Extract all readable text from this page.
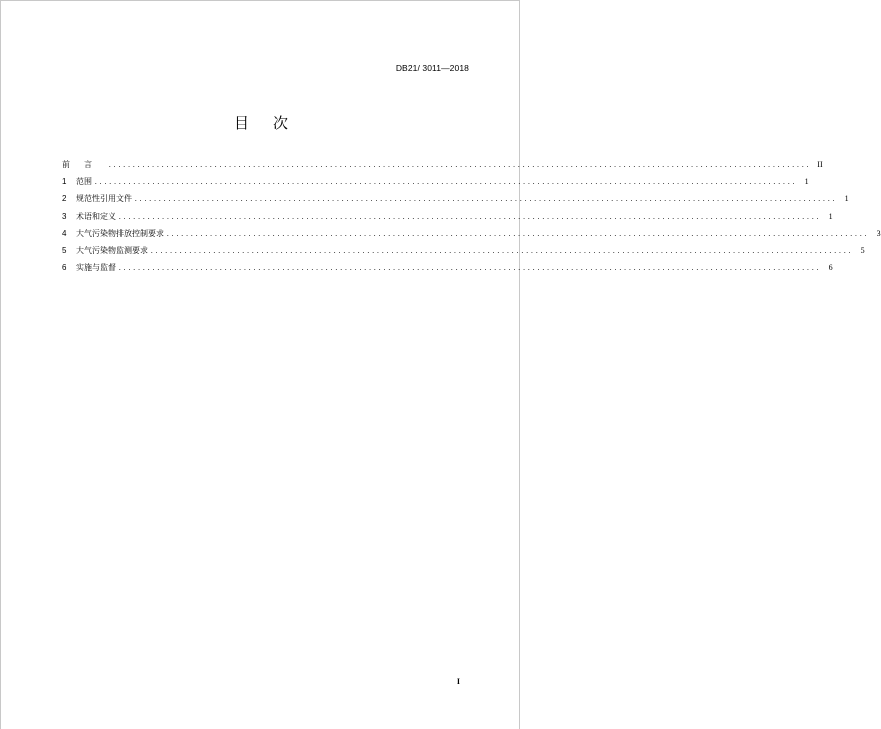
DB21/ 3011—2018
目 次
前言 .................................................................................................................................................. II
1	范围 ..................................................................................................................................................	1
2	规范性引用文件 ..................................................................................................................................................	1
3	术语和定义 ..................................................................................................................................................	1
4	大气污染物排放控制要求 ..................................................................................................................................................	3
5	大气污染物监测要求 ..................................................................................................................................................	5
6	实施与监督 ..................................................................................................................................................	6
I
